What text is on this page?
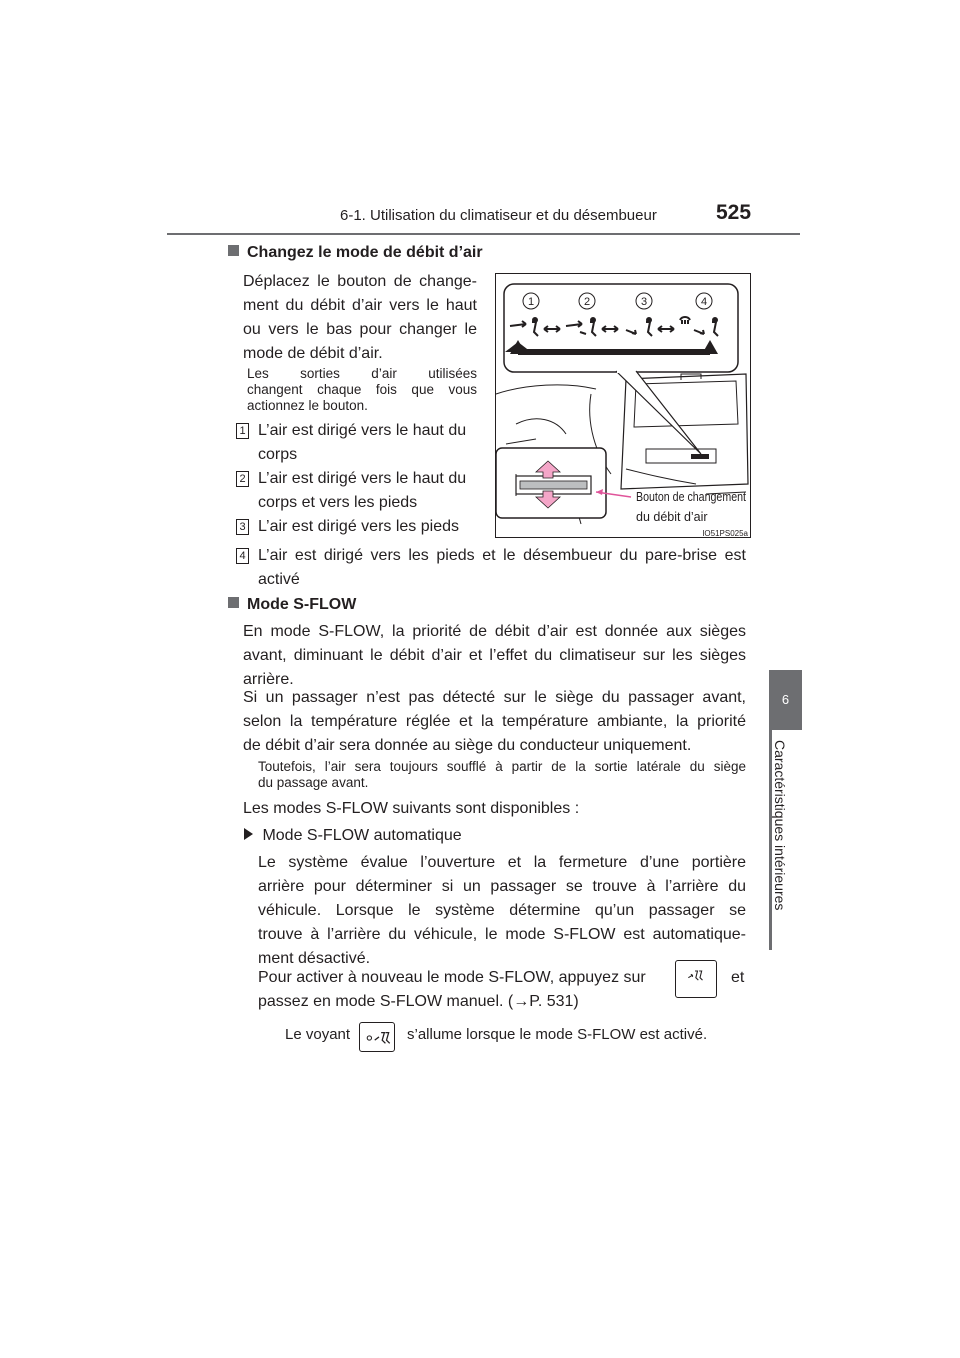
6-1. Utilisation du climatiseur et du désembueur	525
6
Caractéristiques intérieures
Changez le mode de débit d’air
Déplacez le bouton de change-
ment du débit d’air vers le haut
ou vers le bas pour changer le
mode de débit d’air.
Les sorties d’air utilisées
changent chaque fois que vous
actionnez le bouton.
1 L’air est dirigé vers le haut du
corps
2 L’air est dirigé vers le haut du
corps et vers les pieds
3 L’air est dirigé vers les pieds
4 L’air est dirigé vers les pieds et le désembueur du pare-brise est
activé
1	2	3	4
Bouton de changement
du débit d’air
IO51PS025a
Mode S-FLOW
En mode S-FLOW, la priorité de débit d’air est donnée aux sièges
avant, diminuant le débit d’air et l’effet du climatiseur sur les sièges
arrière.
Si un passager n’est pas détecté sur le siège du passager avant,
selon la température réglée et la température ambiante, la priorité
de débit d’air sera donnée au siège du conducteur uniquement.
Toutefois, l’air sera toujours soufflé à partir de la sortie latérale du siège
du passage avant.
Les modes S-FLOW suivants sont disponibles :
Mode S-FLOW automatique
Le système évalue l’ouverture et la fermeture d’une portière
arrière pour déterminer si un passager se trouve à l’arrière du
véhicule. Lorsque le système détermine qu’un passager se
trouve à l’arrière du véhicule, le mode S-FLOW est automatique-
ment désactivé.
Pour activer à nouveau le mode S-FLOW, appuyez sur	et
passez en mode S-FLOW manuel. (→P. 531)
Le voyant	s’allume lorsque le mode S-FLOW est activé.
